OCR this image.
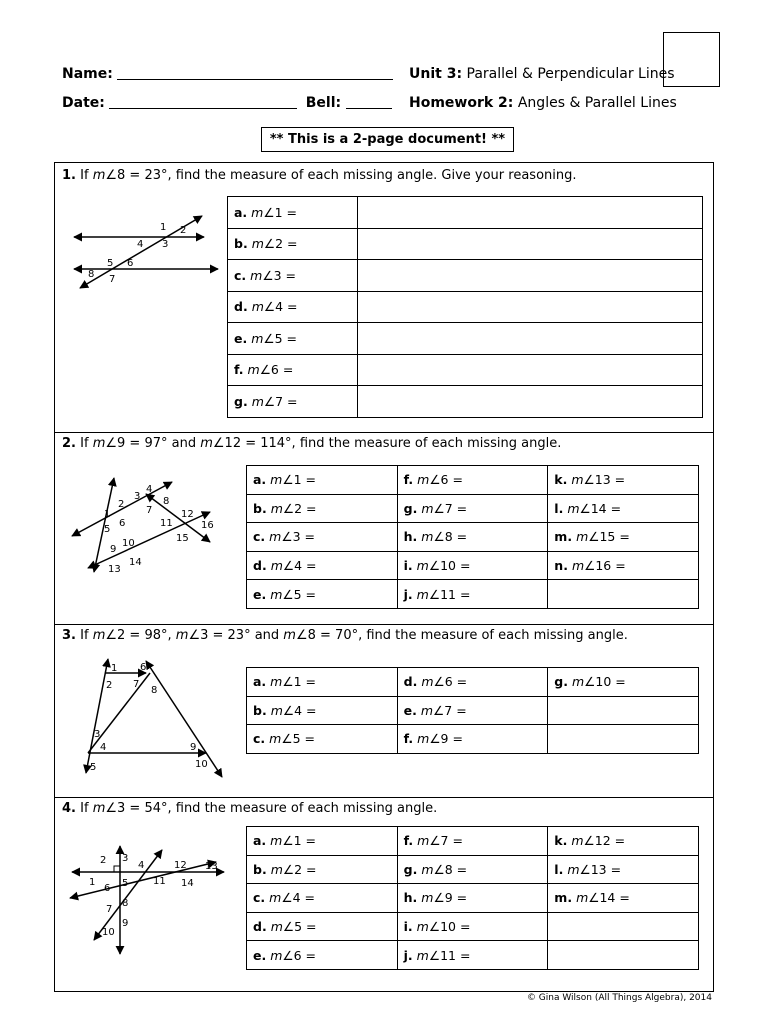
Name:
Date:	Bell:
Unit 3: Parallel & Perpendicular Lines
Homework 2: Angles & Parallel Lines
** This is a 2-page document! **
1. If m∠8 = 23°, find the measure of each missing angle. Give your reasoning.
1 2
3
4
5 6
7
8
a. m∠1 =	
b. m∠2 =	
c. m∠3 =	
d. m∠4 =	
e. m∠5 =	
f. m∠6 =	
g. m∠7 =	
2. If m∠9 = 97° and m∠12 = 114°, find the measure of each missing angle.
1
2
3
4
5
6
7
8
9
10
11
12
13
14
15
16
a. m∠1 =	f. m∠6 =	k. m∠13 =
b. m∠2 =	g. m∠7 =	l. m∠14 =
c. m∠3 =	h. m∠8 =	m. m∠15 =
d. m∠4 =	i. m∠10 =	n. m∠16 =
e. m∠5 =	j. m∠11 =	
3. If m∠2 = 98°, m∠3 = 23° and m∠8 = 70°, find the measure of each missing angle.
1
2
3
4
5
6
7
8
9
10
a. m∠1 =	d. m∠6 =	g. m∠10 =
b. m∠4 =	e. m∠7 =	
c. m∠5 =	f. m∠9 =	
4. If m∠3 = 54°, find the measure of each missing angle.
1
2 3
4
5
6
7
8
9
10
11
12 13
14
a. m∠1 =	f. m∠7 =	k. m∠12 =
b. m∠2 =	g. m∠8 =	l. m∠13 =
c. m∠4 =	h. m∠9 =	m. m∠14 =
d. m∠5 =	i. m∠10 =	
e. m∠6 =	j. m∠11 =	
© Gina Wilson (All Things Algebra), 2014
